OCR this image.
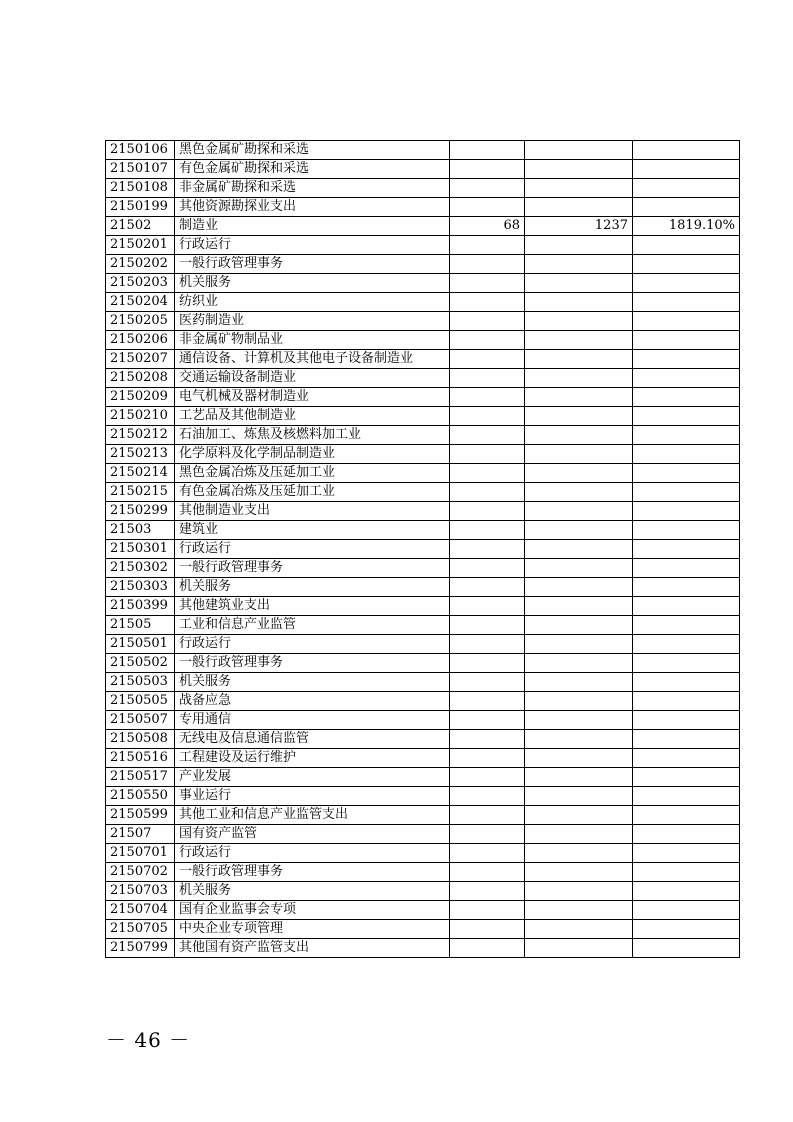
2150106	黑色金属矿勘探和采选			
2150107	有色金属矿勘探和采选			
2150108	非金属矿勘探和采选			
2150199	其他资源勘探业支出			
21502	制造业	68	1237	1819.10%
2150201	行政运行			
2150202	一般行政管理事务			
2150203	机关服务			
2150204	纺织业			
2150205	医药制造业			
2150206	非金属矿物制品业			
2150207	通信设备、计算机及其他电子设备制造业			
2150208	交通运输设备制造业			
2150209	电气机械及器材制造业			
2150210	工艺品及其他制造业			
2150212	石油加工、炼焦及核燃料加工业			
2150213	化学原料及化学制品制造业			
2150214	黑色金属冶炼及压延加工业			
2150215	有色金属冶炼及压延加工业			
2150299	其他制造业支出			
21503	建筑业			
2150301	行政运行			
2150302	一般行政管理事务			
2150303	机关服务			
2150399	其他建筑业支出			
21505	工业和信息产业监管			
2150501	行政运行			
2150502	一般行政管理事务			
2150503	机关服务			
2150505	战备应急			
2150507	专用通信			
2150508	无线电及信息通信监管			
2150516	工程建设及运行维护			
2150517	产业发展			
2150550	事业运行			
2150599	其他工业和信息产业监管支出			
21507	国有资产监管			
2150701	行政运行			
2150702	一般行政管理事务			
2150703	机关服务			
2150704	国有企业监事会专项			
2150705	中央企业专项管理			
2150799	其他国有资产监管支出			
－ 46 －
